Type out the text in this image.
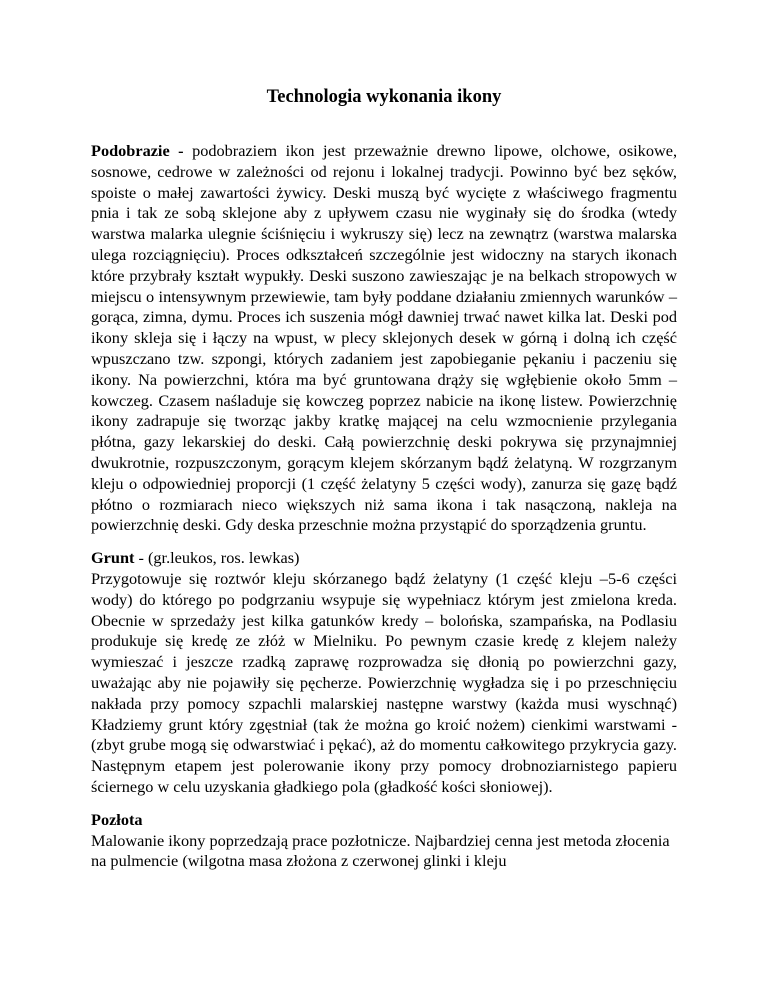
Technologia wykonania ikony

Podobrazie - podobraziem ikon jest przeważnie drewno lipowe, olchowe, osikowe, sosnowe, cedrowe w zależności od rejonu i lokalnej tradycji. Powinno być bez sęków, spoiste o małej zawartości żywicy. Deski muszą być wycięte z właściwego fragmentu pnia i tak ze sobą sklejone aby z upływem czasu nie wyginały się do środka (wtedy warstwa malarka ulegnie ściśnięciu i wykruszy się) lecz na zewnątrz (warstwa malarska ulega rozciągnięciu). Proces odkształceń szczególnie jest widoczny na starych ikonach które przybrały kształt wypukły. Deski suszono zawieszając je na belkach stropowych w miejscu o intensywnym przewiewie, tam były poddane działaniu zmiennych warunków – gorąca, zimna, dymu. Proces ich suszenia mógł dawniej trwać nawet kilka lat. Deski pod ikony skleja się i łączy na wpust, w plecy sklejonych desek w górną i dolną ich część wpuszczano tzw. szpongi, których zadaniem jest zapobieganie pękaniu i paczeniu się ikony. Na powierzchni, która ma być gruntowana drąży się wgłębienie około 5mm – kowczeg. Czasem naśladuje się kowczeg poprzez nabicie na ikonę listew. Powierzchnię ikony zadrapuje się tworząc jakby kratkę mającej na celu wzmocnienie przylegania płótna, gazy lekarskiej do deski. Całą powierzchnię deski pokrywa się przynajmniej dwukrotnie, rozpuszczonym, gorącym klejem skórzanym bądź żelatyną. W rozgrzanym kleju o odpowiedniej proporcji (1 część żelatyny 5 części wody), zanurza się gazę bądź płótno o rozmiarach nieco większych niż sama ikona i tak nasączoną, nakleja na powierzchnię deski. Gdy deska przeschnie można przystąpić do sporządzenia gruntu.

Grunt - (gr.leukos, ros. lewkas)
Przygotowuje się roztwór kleju skórzanego bądź żelatyny (1 część kleju –5-6 części wody) do którego po podgrzaniu wsypuje się wypełniacz którym jest zmielona kreda. Obecnie w sprzedaży jest kilka gatunków kredy – bolońska, szampańska, na Podlasiu produkuje się kredę ze złóż w Mielniku. Po pewnym czasie kredę z klejem należy wymieszać i jeszcze rzadką zaprawę rozprowadza się dłonią po powierzchni gazy, uważając aby nie pojawiły się pęcherze. Powierzchnię wygładza się i po przeschnięciu nakłada przy pomocy szpachli malarskiej następne warstwy (każda musi wyschnąć) Kładziemy grunt który zgęstniał (tak że można go kroić nożem) cienkimi warstwami - (zbyt grube mogą się odwarstwiać i pękać), aż do momentu całkowitego przykrycia gazy. Następnym etapem jest polerowanie ikony przy pomocy drobnoziarnistego papieru ściernego w celu uzyskania gładkiego pola (gładkość kości słoniowej).

Pozłota
Malowanie ikony poprzedzają prace pozłotnicze. Najbardziej cenna jest metoda złocenia na pulmencie (wilgotna masa złożona z czerwonej glinki i kleju
